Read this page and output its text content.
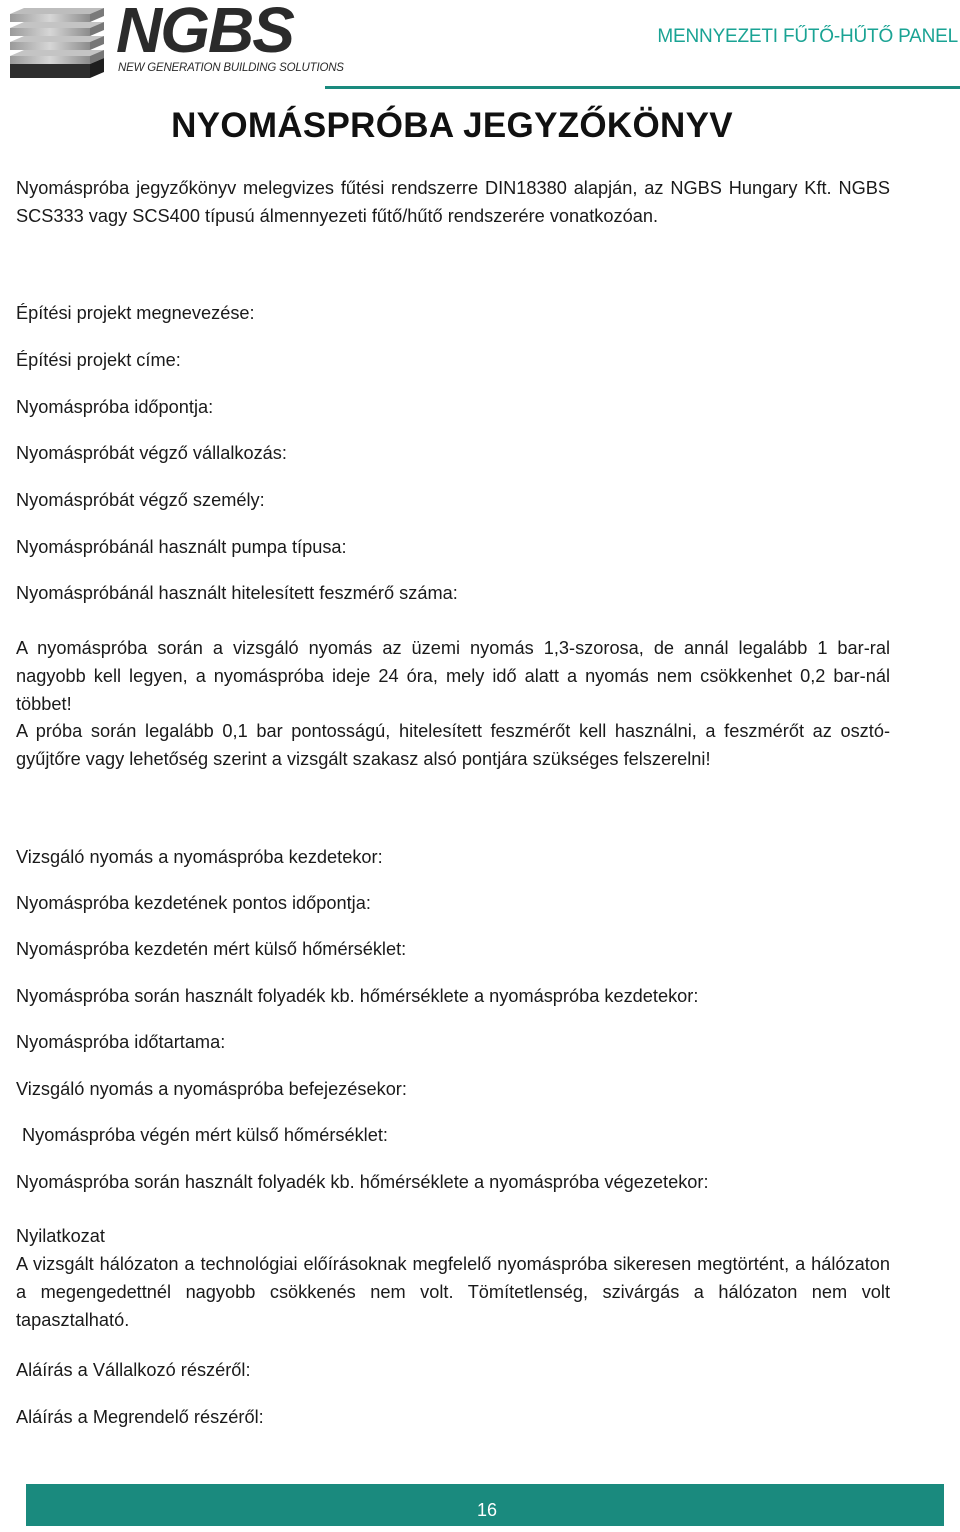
NGBS
NEW GENERATION BUILDING SOLUTIONS
MENNYEZETI FŰTŐ-HŰTŐ PANEL
NYOMÁSPRÓBA JEGYZŐKÖNYV
Nyomáspróba jegyzőkönyv melegvizes fűtési rendszerre DIN18380 alapján, az NGBS Hungary Kft. NGBS SCS333 vagy SCS400 típusú álmennyezeti fűtő/hűtő rendszerére vonatkozóan.
Építési projekt megnevezése:
Építési projekt címe:
Nyomáspróba időpontja:
Nyomáspróbát végző vállalkozás:
Nyomáspróbát végző személy:
Nyomáspróbánál használt pumpa típusa:
Nyomáspróbánál használt hitelesített feszmérő száma:
A nyomáspróba során a vizsgáló nyomás az üzemi nyomás 1,3-szorosa, de annál legalább 1 bar-ral nagyobb kell legyen, a nyomáspróba ideje 24 óra, mely idő alatt a nyomás nem csökkenhet 0,2 bar-nál többet!
A próba során legalább 0,1 bar pontosságú, hitelesített feszmérőt kell használni, a feszmérőt az osztó-gyűjtőre vagy lehetőség szerint a vizsgált szakasz alsó pontjára szükséges felszerelni!
Vizsgáló nyomás a nyomáspróba kezdetekor:
Nyomáspróba kezdetének pontos időpontja:
Nyomáspróba kezdetén mért külső hőmérséklet:
Nyomáspróba során használt folyadék kb. hőmérséklete a nyomáspróba kezdetekor:
Nyomáspróba időtartama:
Vizsgáló nyomás a nyomáspróba befejezésekor:
Nyomáspróba végén mért külső hőmérséklet:
Nyomáspróba során használt folyadék kb. hőmérséklete a nyomáspróba végezetekor:
Nyilatkozat
A vizsgált hálózaton a technológiai előírásoknak megfelelő nyomáspróba sikeresen megtörtént, a hálózaton a megengedettnél nagyobb csökkenés nem volt. Tömítetlenség, szivárgás a hálózaton nem volt tapasztalható.
Aláírás a Vállalkozó részéről:
Aláírás a Megrendelő részéről:
16
